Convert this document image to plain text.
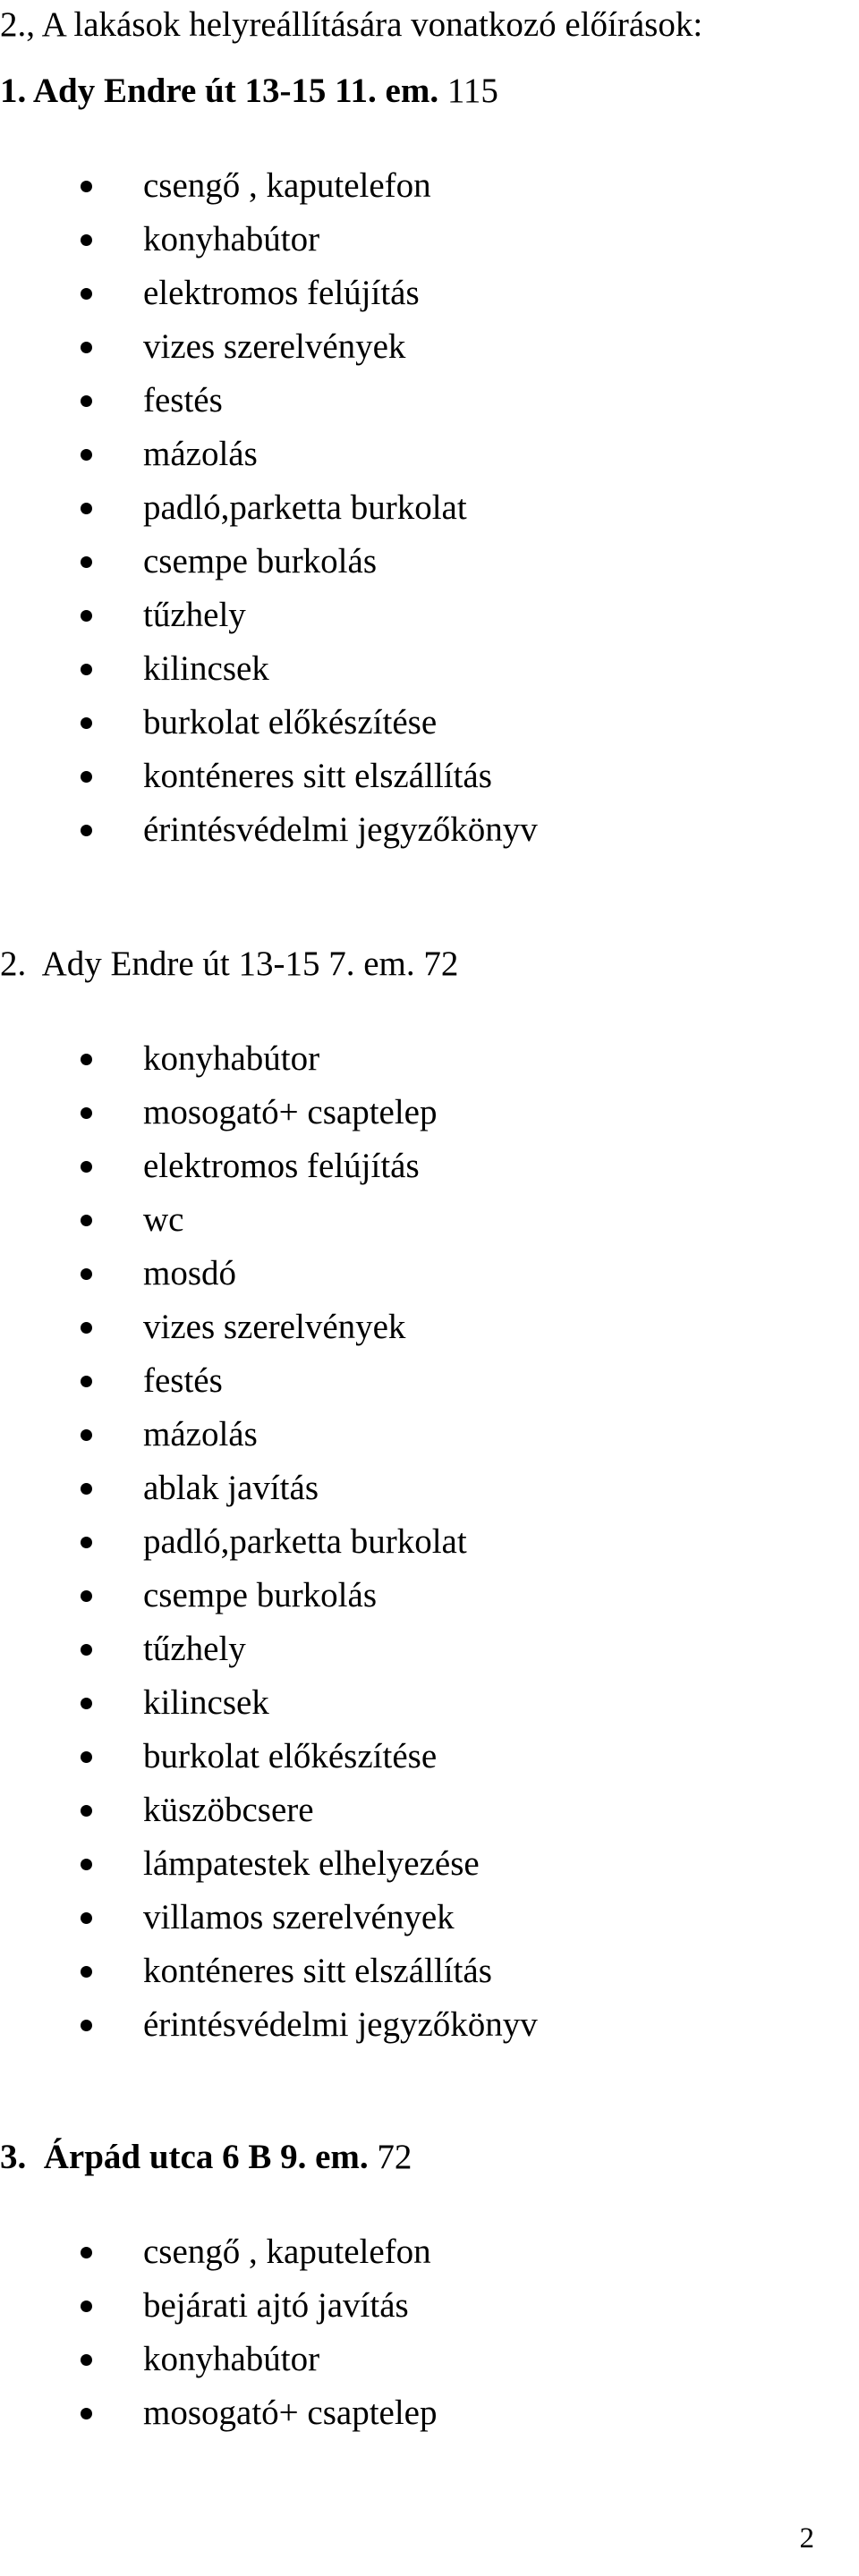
2., A lakások helyreállítására vonatkozó előírások:

1. Ady Endre út 13-15 11. em. 115

csengő , kaputelefon
konyhabútor
elektromos felújítás
vizes szerelvények
festés
mázolás
padló,parketta burkolat
csempe burkolás
tűzhely
kilincsek
burkolat előkészítése
konténeres sitt elszállítás
érintésvédelmi jegyzőkönyv

2. Ady Endre út 13-15 7. em. 72

konyhabútor
mosogató+ csaptelep
elektromos felújítás
wc
mosdó
vizes szerelvények
festés
mázolás
ablak javítás
padló,parketta burkolat
csempe burkolás
tűzhely
kilincsek
burkolat előkészítése
küszöbcsere
lámpatestek elhelyezése
villamos szerelvények
konténeres sitt elszállítás
érintésvédelmi jegyzőkönyv

3. Árpád utca 6 B 9. em. 72

csengő , kaputelefon
bejárati ajtó javítás
konyhabútor
mosogató+ csaptelep
2
